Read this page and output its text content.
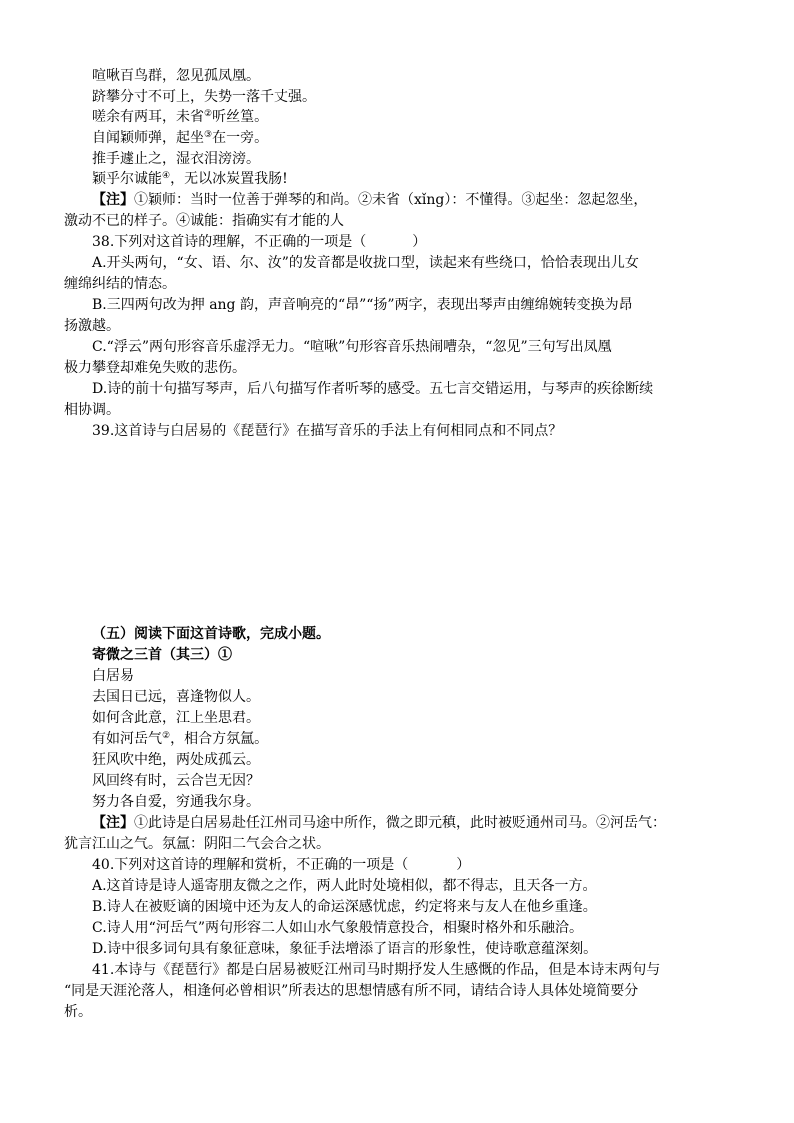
喧啾百鸟群，忽见孤凤凰。
跻攀分寸不可上，失势一落千丈强。
嗟余有两耳，未省②听丝篁。
自闻颖师弹，起坐③在一旁。
推手遽止之，湿衣泪滂滂。
颖乎尔诚能④，无以冰炭置我肠!
【注】①颖师：当时一位善于弹琴的和尚。②未省（xǐng）：不懂得。③起坐：忽起忽坐，
激动不已的样子。④诚能：指确实有才能的人
38.下列对这首诗的理解，不正确的一项是（	）
A.开头两句，“女、语、尔、汝”的发音都是收拢口型，读起来有些绕口，恰恰表现出儿女
缠绵纠结的情态。
B.三四两句改为押 ang 韵，声音响亮的“昂”“扬”两字，表现出琴声由缠绵婉转变换为昂
扬激越。
C.“浮云”两句形容音乐虚浮无力。“喧啾”句形容音乐热闹嘈杂，“忽见”三句写出凤凰
极力攀登却难免失败的悲伤。
D.诗的前十句描写琴声，后八句描写作者听琴的感受。五七言交错运用，与琴声的疾徐断续
相协调。
39.这首诗与白居易的《琵琶行》在描写音乐的手法上有何相同点和不同点？
（五）阅读下面这首诗歌，完成小题。
寄微之三首（其三）①
白居易
去国日已远，喜逢物似人。
如何含此意，江上坐思君。
有如河岳气②，相合方氛氲。
狂风吹中绝，两处成孤云。
风回终有时，云合岂无因？
努力各自爱，穷通我尔身。
【注】①此诗是白居易赴任江州司马途中所作，微之即元稹，此时被贬通州司马。②河岳气：
犹言江山之气。氛氲：阴阳二气会合之状。
40.下列对这首诗的理解和赏析，不正确的一项是（	）
A.这首诗是诗人遥寄朋友微之之作，两人此时处境相似，都不得志，且天各一方。
B.诗人在被贬谪的困境中还为友人的命运深感忧虑，约定将来与友人在他乡重逢。
C.诗人用“河岳气”两句形容二人如山水气象般情意投合，相聚时格外和乐融洽。
D.诗中很多词句具有象征意味，象征手法增添了语言的形象性，使诗歌意蕴深刻。
41.本诗与《琵琶行》都是白居易被贬江州司马时期抒发人生感慨的作品，但是本诗末两句与
“同是天涯沦落人，相逢何必曾相识”所表达的思想情感有所不同，请结合诗人具体处境简要分
析。
